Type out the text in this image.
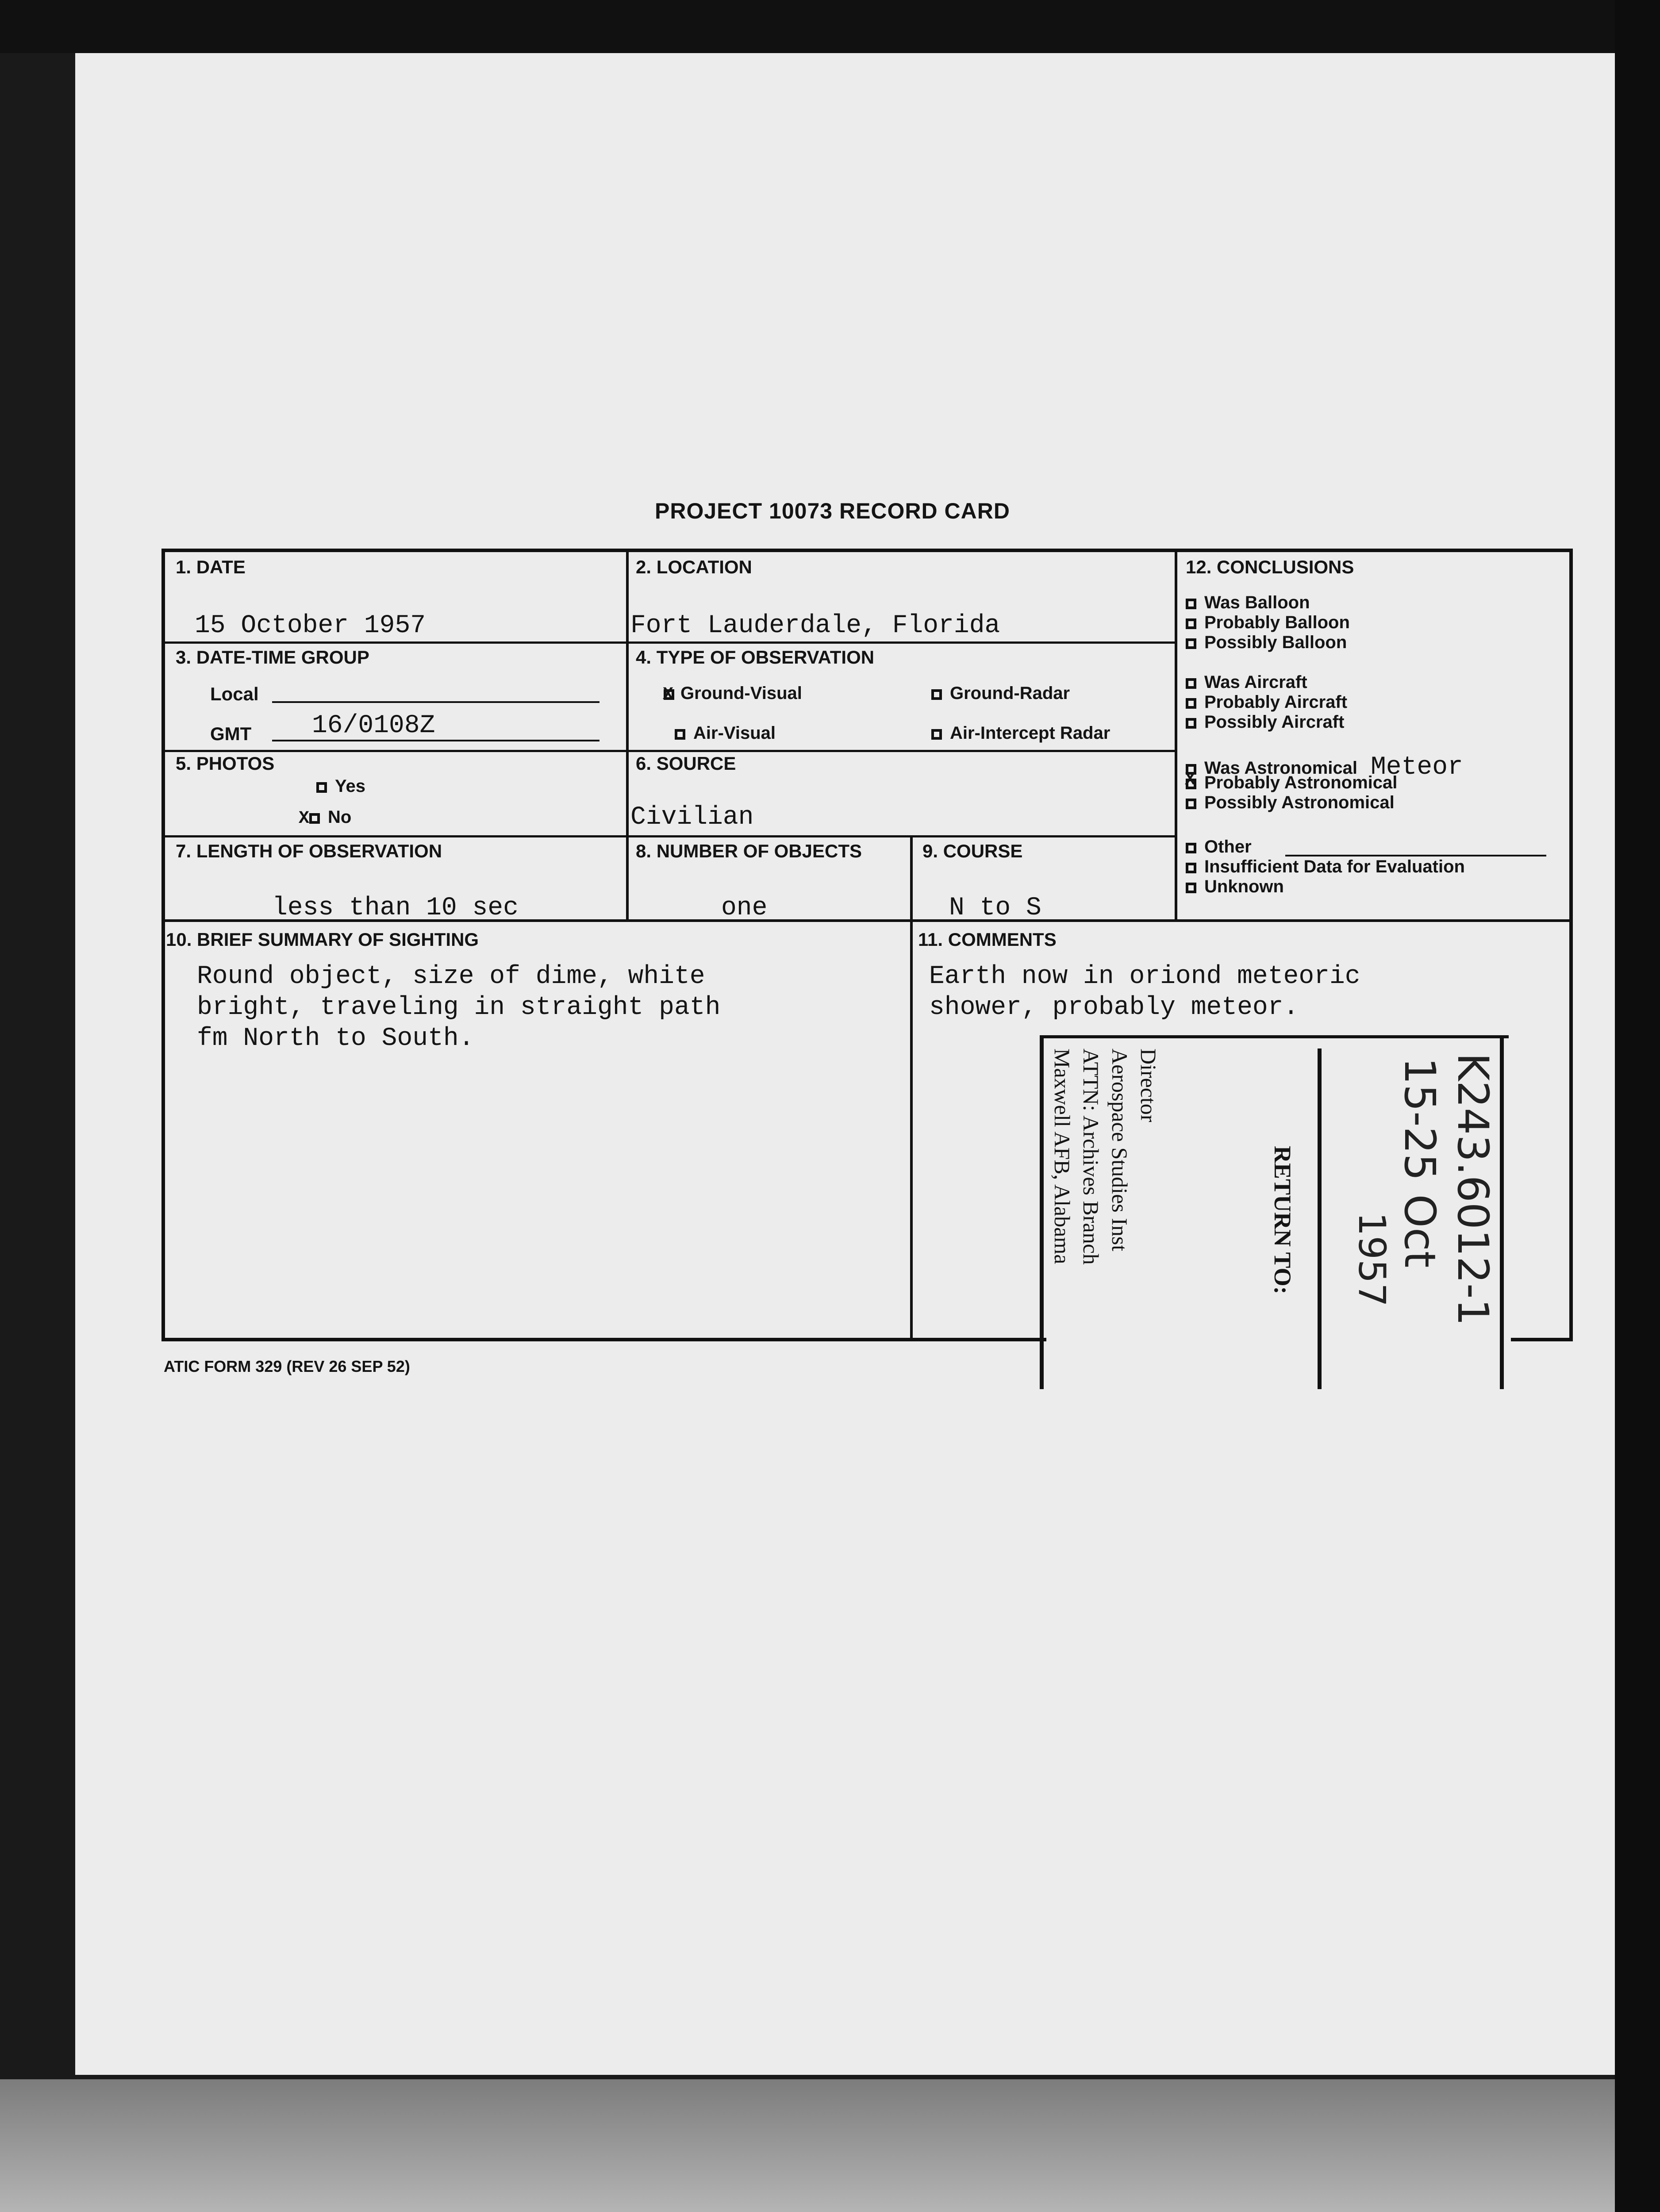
PROJECT 10073 RECORD CARD
1. DATE
15 October 1957
2. LOCATION
Fort Lauderdale, Florida
3. DATE-TIME GROUP
Local
GMT 16/0108Z
4. TYPE OF OBSERVATION
X Ground-Visual	Ground-Radar
Air-Visual	Air-Intercept Radar
5. PHOTOS
Yes
X No
6. SOURCE
Civilian
7. LENGTH OF OBSERVATION
less than 10 sec
8. NUMBER OF OBJECTS
one
9. COURSE
N to S
10. BRIEF SUMMARY OF SIGHTING
Round object, size of dime, white
bright, traveling in straight path
fm North to South.
11. COMMENTS
Earth now in oriond meteoric
shower, probably meteor.
12. CONCLUSIONS
Was Balloon
Probably Balloon
Possibly Balloon
Was Aircraft
Probably Aircraft
Possibly Aircraft
Was Astronomical Meteor
X Probably Astronomical
Possibly Astronomical
Other
Insufficient Data for Evaluation
Unknown
ATIC FORM 329 (REV 26 SEP 52)
RETURN TO:
Director
Aerospace Studies Inst
ATTN: Archives Branch
Maxwell AFB, Alabama	K243.6012-1
15-25 Oct
1957
